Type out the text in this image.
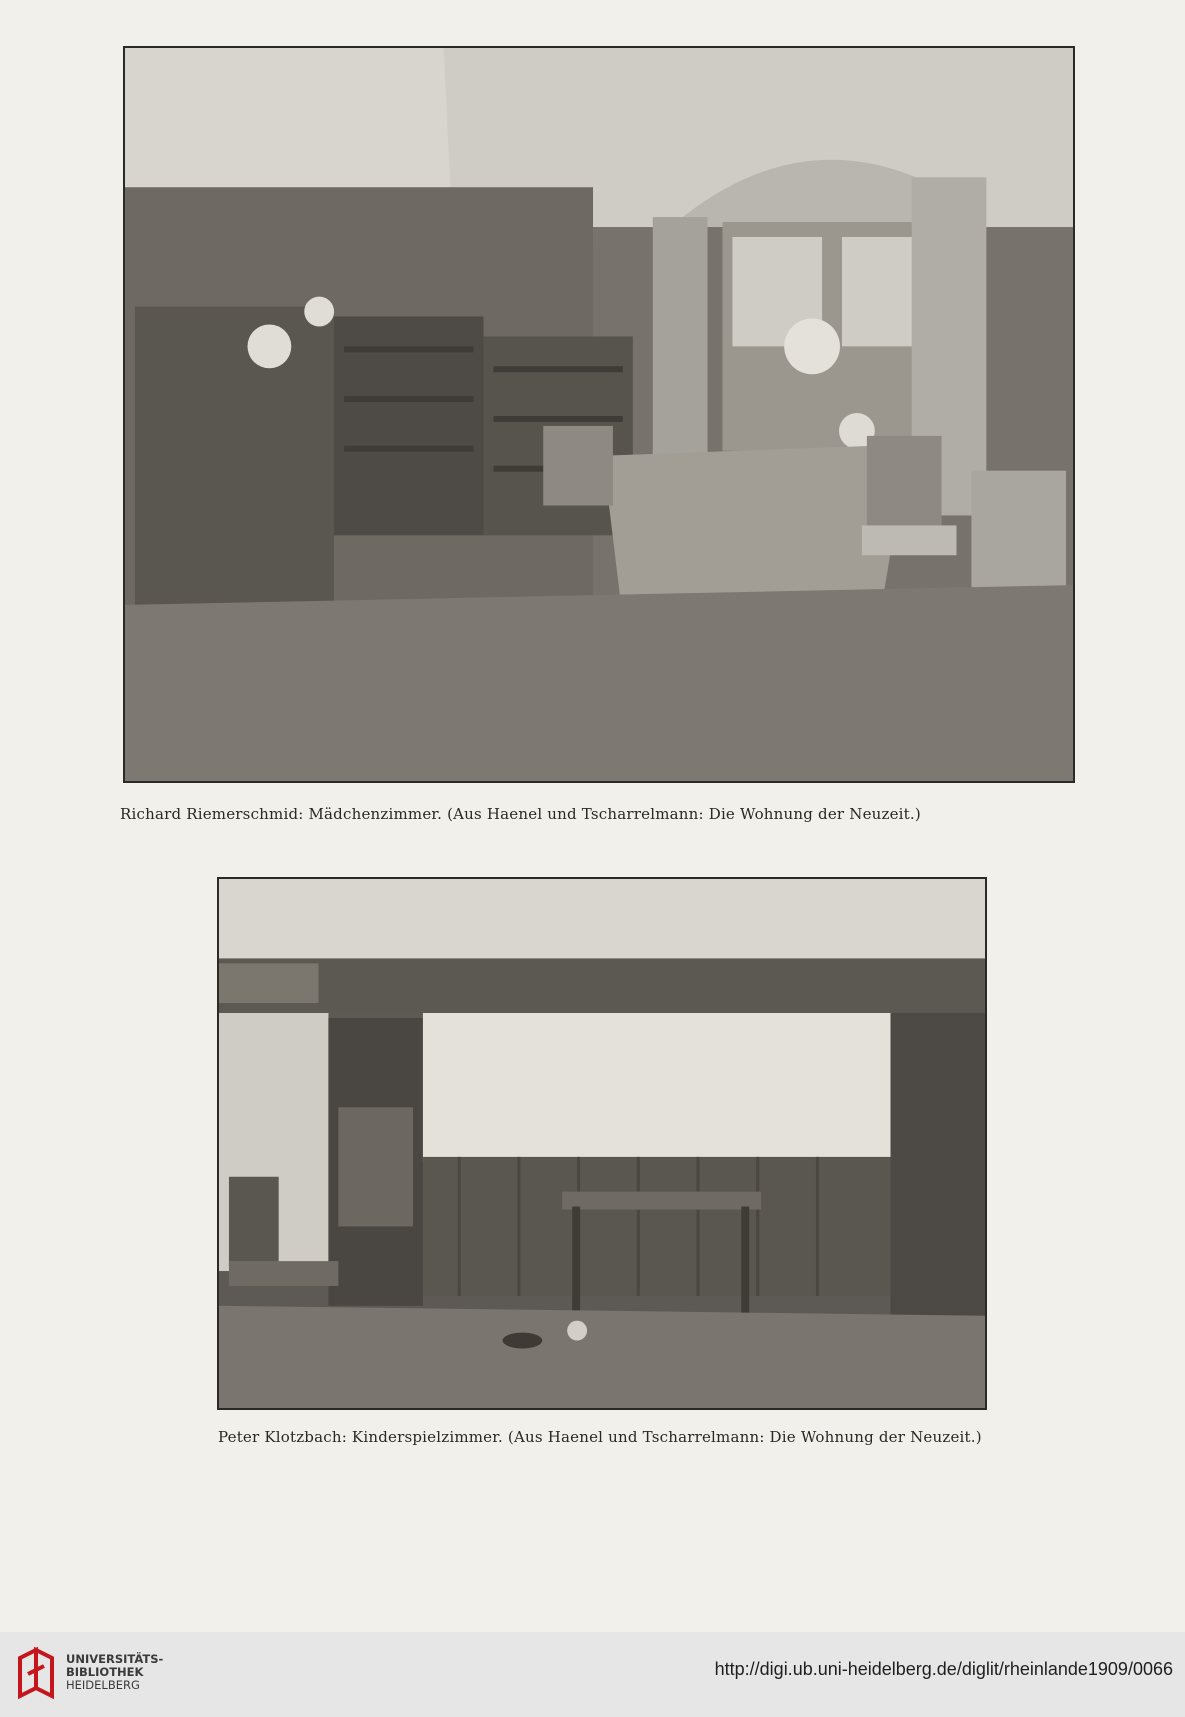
Richard Riemerschmid: Mädchenzimmer. (Aus Haenel und Tscharrelmann: Die Wohnung der Neuzeit.)
Peter Klotzbach: Kinderspielzimmer. (Aus Haenel und Tscharrelmann: Die Wohnung der Neuzeit.)
UNIVERSITÄTS-
BIBLIOTHEK
HEIDELBERG
http://digi.ub.uni-heidelberg.de/diglit/rheinlande1909/0066
